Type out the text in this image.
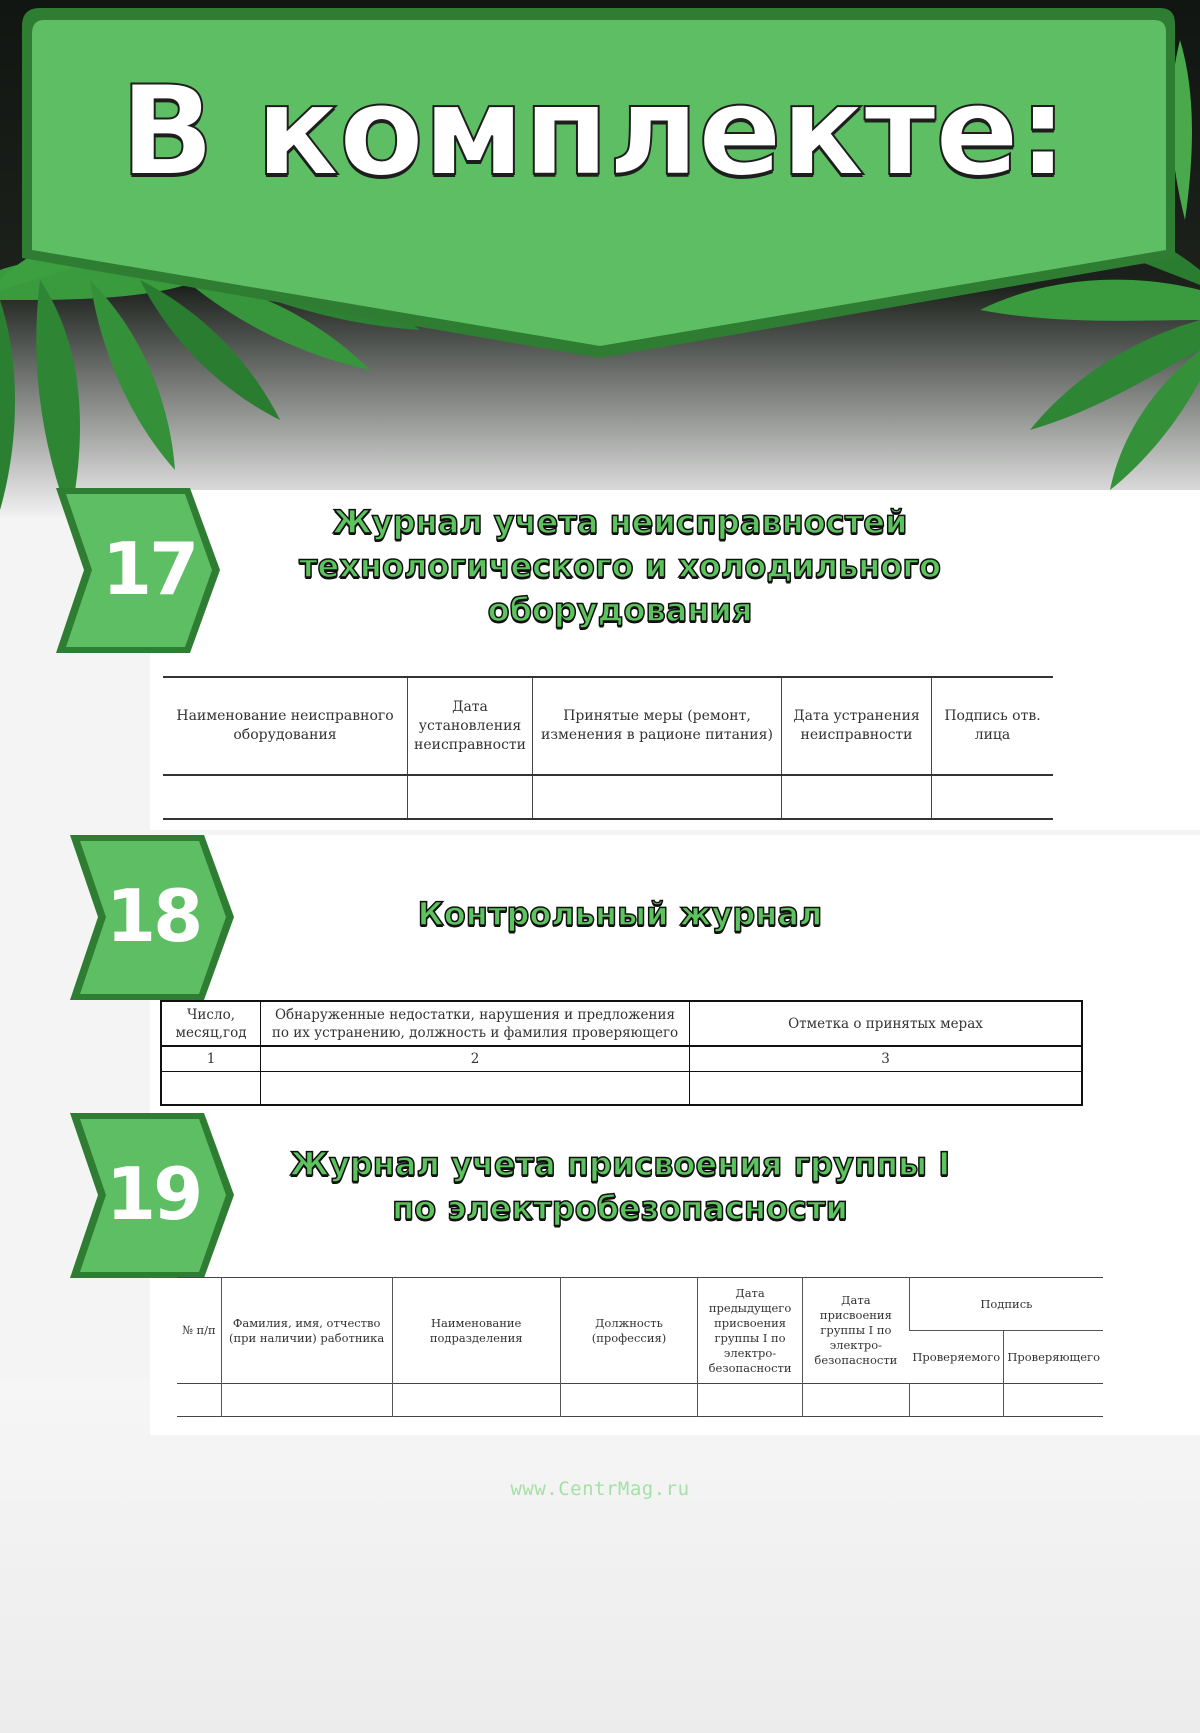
В комплекте:
17
Журнал учета неисправностей
технологического и холодильного
оборудования
Наименование неисправного оборудования	Дата установления неисправности	Принятые меры (ремонт, изменения в рационе питания)	Дата устранения неисправности	Подпись отв. лица

18	Контрольный журнал
Число, месяц,год	Обнаруженные недостатки, нарушения и предложения по их устранению, должность и фамилия проверяющего	Отметка о принятых мерах
1	2	3

19	Журнал учета присвоения группы I
по электробезопасности
№ п/п	Фамилия, имя, отчество (при наличии) работника	Наименование подразделения	Должность (профессия)	Дата предыдущего присвоения группы I по электро-безопасности	Дата присвоения группы I по электро-безопасности	Подпись	
						Проверяемого	Проверяющего

www.CentrMag.ru
